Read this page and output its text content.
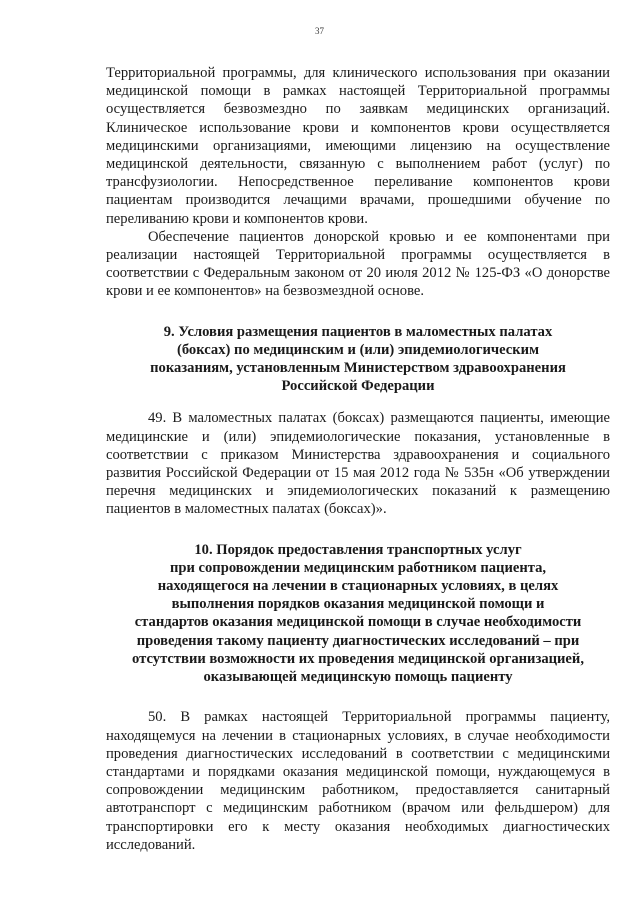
37

Территориальной программы, для клинического использования при оказании медицинской помощи в рамках настоящей Территориальной программы осуществляется безвозмездно по заявкам медицинских организаций. Клиническое использование крови и компонентов крови осуществляется медицинскими организациями, имеющими лицензию на осуществление медицинской деятельности, связанную с выполнением работ (услуг) по трансфузиологии. Непосредственное переливание компонентов крови пациентам производится лечащими врачами, прошедшими обучение по переливанию крови и компонентов крови.

Обеспечение пациентов донорской кровью и ее компонентами при реализации настоящей Территориальной программы осуществляется в соответствии с Федеральным законом от 20 июля 2012 № 125-ФЗ «О донорстве крови и ее компонентов» на безвозмездной основе.

9. Условия размещения пациентов в маломестных палатах
(боксах) по медицинским и (или) эпидемиологическим
показаниям, установленным Министерством здравоохранения
Российской Федерации

49. В маломестных палатах (боксах) размещаются пациенты, имеющие медицинские и (или) эпидемиологические показания, установленные в соответствии с приказом Министерства здравоохранения и социального развития Российской Федерации от 15 мая 2012 года № 535н «Об утверждении перечня медицинских и эпидемиологических показаний к размещению пациентов в маломестных палатах (боксах)».

10. Порядок предоставления транспортных услуг
при сопровождении медицинским работником пациента,
находящегося на лечении в стационарных условиях, в целях
выполнения порядков оказания медицинской помощи и
стандартов оказания медицинской помощи в случае необходимости
проведения такому пациенту диагностических исследований – при
отсутствии возможности их проведения медицинской организацией,
оказывающей медицинскую помощь пациенту

50. В рамках настоящей Территориальной программы пациенту, находящемуся на лечении в стационарных условиях, в случае необходимости проведения диагностических исследований в соответствии с медицинскими стандартами и порядками оказания медицинской помощи, нуждающемуся в сопровождении медицинским работником, предоставляется санитарный автотранспорт с медицинским работником (врачом или фельдшером) для транспортировки его к месту оказания необходимых диагностических исследований.
